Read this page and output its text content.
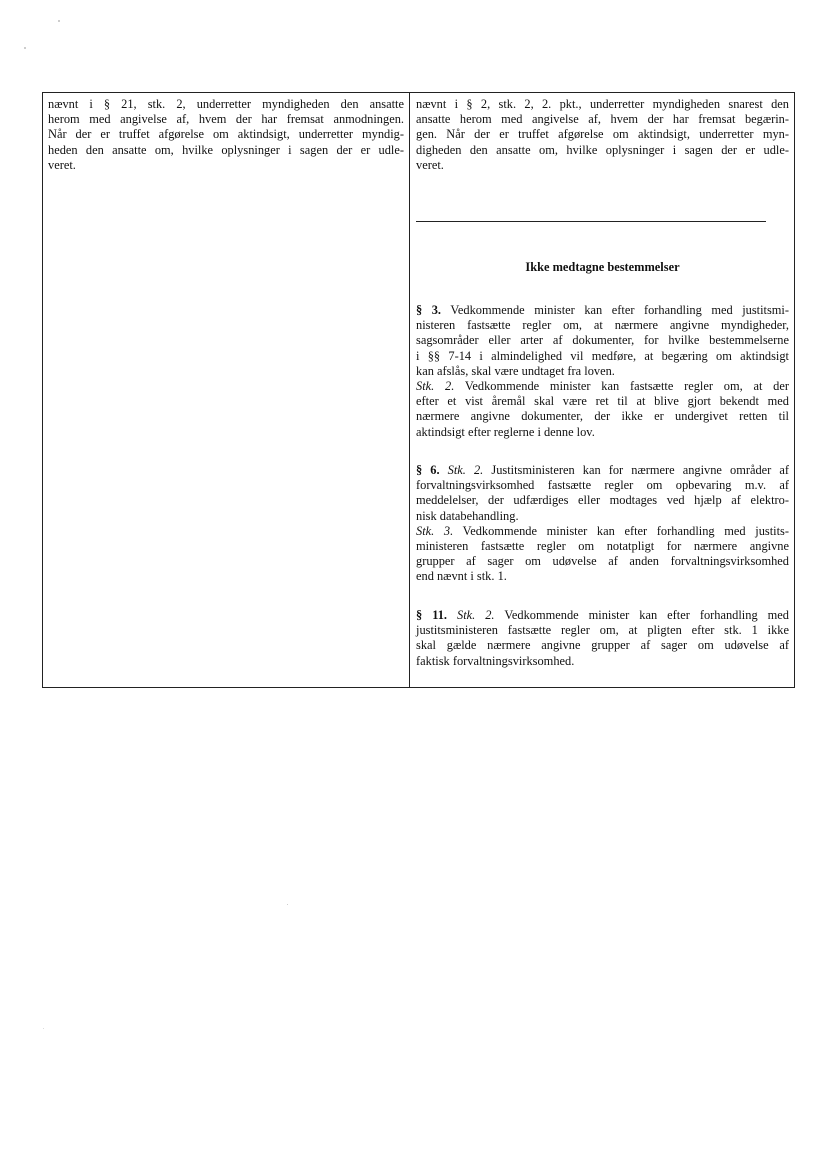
nævnt i § 21, stk. 2, underretter myndigheden den ansatte
herom med angivelse af, hvem der har fremsat anmodningen.
Når der er truffet afgørelse om aktindsigt, underretter myndig-
heden den ansatte om, hvilke oplysninger i sagen der er udle-
veret.
nævnt i § 2, stk. 2, 2. pkt., underretter myndigheden snarest den
ansatte herom med angivelse af, hvem der har fremsat begærin-
gen. Når der er truffet afgørelse om aktindsigt, underretter myn-
digheden den ansatte om, hvilke oplysninger i sagen der er udle-
veret.
Ikke medtagne bestemmelser
§ 3. Vedkommende minister kan efter forhandling med justitsmi-
nisteren fastsætte regler om, at nærmere angivne myndigheder,
sagsområder eller arter af dokumenter, for hvilke bestemmelserne
i §§ 7-14 i almindelighed vil medføre, at begæring om aktindsigt
kan afslås, skal være undtaget fra loven.
Stk. 2. Vedkommende minister kan fastsætte regler om, at der
efter et vist åremål skal være ret til at blive gjort bekendt med
nærmere angivne dokumenter, der ikke er undergivet retten til
aktindsigt efter reglerne i denne lov.
§ 6. Stk. 2. Justitsministeren kan for nærmere angivne områder af
forvaltningsvirksomhed fastsætte regler om opbevaring m.v. af
meddelelser, der udfærdiges eller modtages ved hjælp af elektro-
nisk databehandling.
Stk. 3. Vedkommende minister kan efter forhandling med justits-
ministeren fastsætte regler om notatpligt for nærmere angivne
grupper af sager om udøvelse af anden forvaltningsvirksomhed
end nævnt i stk. 1.
§ 11. Stk. 2. Vedkommende minister kan efter forhandling med
justitsministeren fastsætte regler om, at pligten efter stk. 1 ikke
skal gælde nærmere angivne grupper af sager om udøvelse af
faktisk forvaltningsvirksomhed.
